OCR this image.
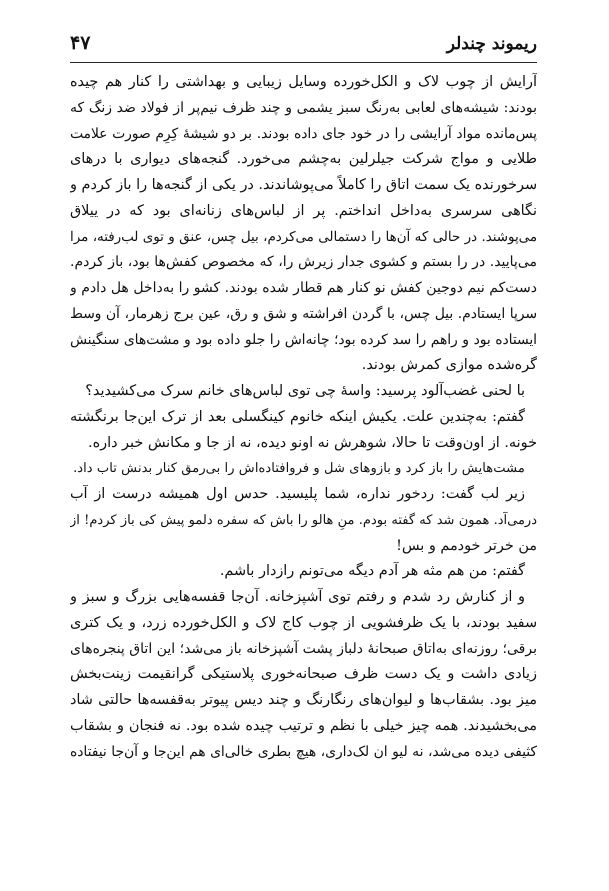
ریموند چندلر
۴۷
آرایش از چوب لاک و الکل‌خورده وسایل زیبایی و بهداشتی را کنار هم چیده
بودند: شیشه‌های لعابی به‌رنگ سبز یشمی و چند ظرف نیم‌پر از فولاد ضد زنگ که
پس‌مانده مواد آرایشی را در خود جای داده بودند. بر دو شیشهٔ کِرِم صورت علامت
طلایی و مواج شرکت جیلرلین به‌چشم می‌خورد. گنجه‌های دیواری با درهای
سرخورنده یک سمت اتاق را کاملاً می‌پوشاندند. در یکی از گنجه‌ها را باز کردم و
نگاهی سرسری به‌داخل انداختم. پر از لباس‌های زنانه‌ای بود که در ییلاق
می‌پوشند. در حالی که آن‌ها را دستمالی می‌کردم، بیل چس، عنق و توی لب‌رفته، مرا
می‌پایید. در را بستم و کشوی جدار زیرش را، که مخصوص کفش‌ها بود، باز کردم.
دست‌کم نیم دوجین کفش نو کنار هم قطار شده بودند. کشو را به‌داخل هل دادم و
سرپا ایستادم. بیل چس، با گردن افراشته و شق و رق، عین برج زهرمار، آن وسط
ایستاده بود و راهم را سد کرده بود؛ چانه‌اش را جلو داده بود و مشت‌های سنگینش
گره‌شده موازی کمرش بودند.
با لحنی غضب‌آلود پرسید: واسهٔ چی توی لباس‌های خانم سرک می‌کشیدید؟
گفتم: به‌چندین علت. یکیش اینکه خانوم کینگسلی بعد از ترک این‌جا برنگشته
خونه. از اون‌وقت تا حالا، شوهرش نه اونو دیده، نه از جا و مکانش خبر داره.
مشت‌هایش را باز کرد و بازوهای شل و فروافتاده‌اش را بی‌رمق کنار بدنش تاب داد.
زیر لب گفت: ردخور نداره، شما پلیسید. حدس اول همیشه درست از آب
درمی‌آد. همون شد که گفته بودم. منِ هالو را باش که سفره دلمو پیش کی باز کردم! از
من خرتر خودمم و بس!
گفتم: من هم مثه هر آدم دیگه می‌تونم رازدار باشم.
و از کنارش رد شدم و رفتم توی آشپزخانه. آن‌جا قفسه‌هایی بزرگ و سبز و
سفید بودند، با یک ظرفشویی از چوب کاج لاک و الکل‌خورده زرد، و یک کتری
برقی؛ روزنه‌ای به‌اتاق صبحانهٔ دلباز پشت آشپزخانه باز می‌شد؛ این اتاق پنجره‌های
زیادی داشت و یک دست ظرف صبحانه‌خوری پلاستیکی گرانقیمت زینت‌بخش
میز بود. بشقاب‌ها و لیوان‌های رنگارنگ و چند دیس پیوتر به‌قفسه‌ها حالتی شاد
می‌بخشیدند. همه چیز خیلی با نظم و ترتیب چیده شده بود. نه فنجان و بشقاب
کثیفی دیده می‌شد، نه لیو ان لک‌داری، هیچ بطری خالی‌ای هم این‌جا و آن‌جا نیفتاده
